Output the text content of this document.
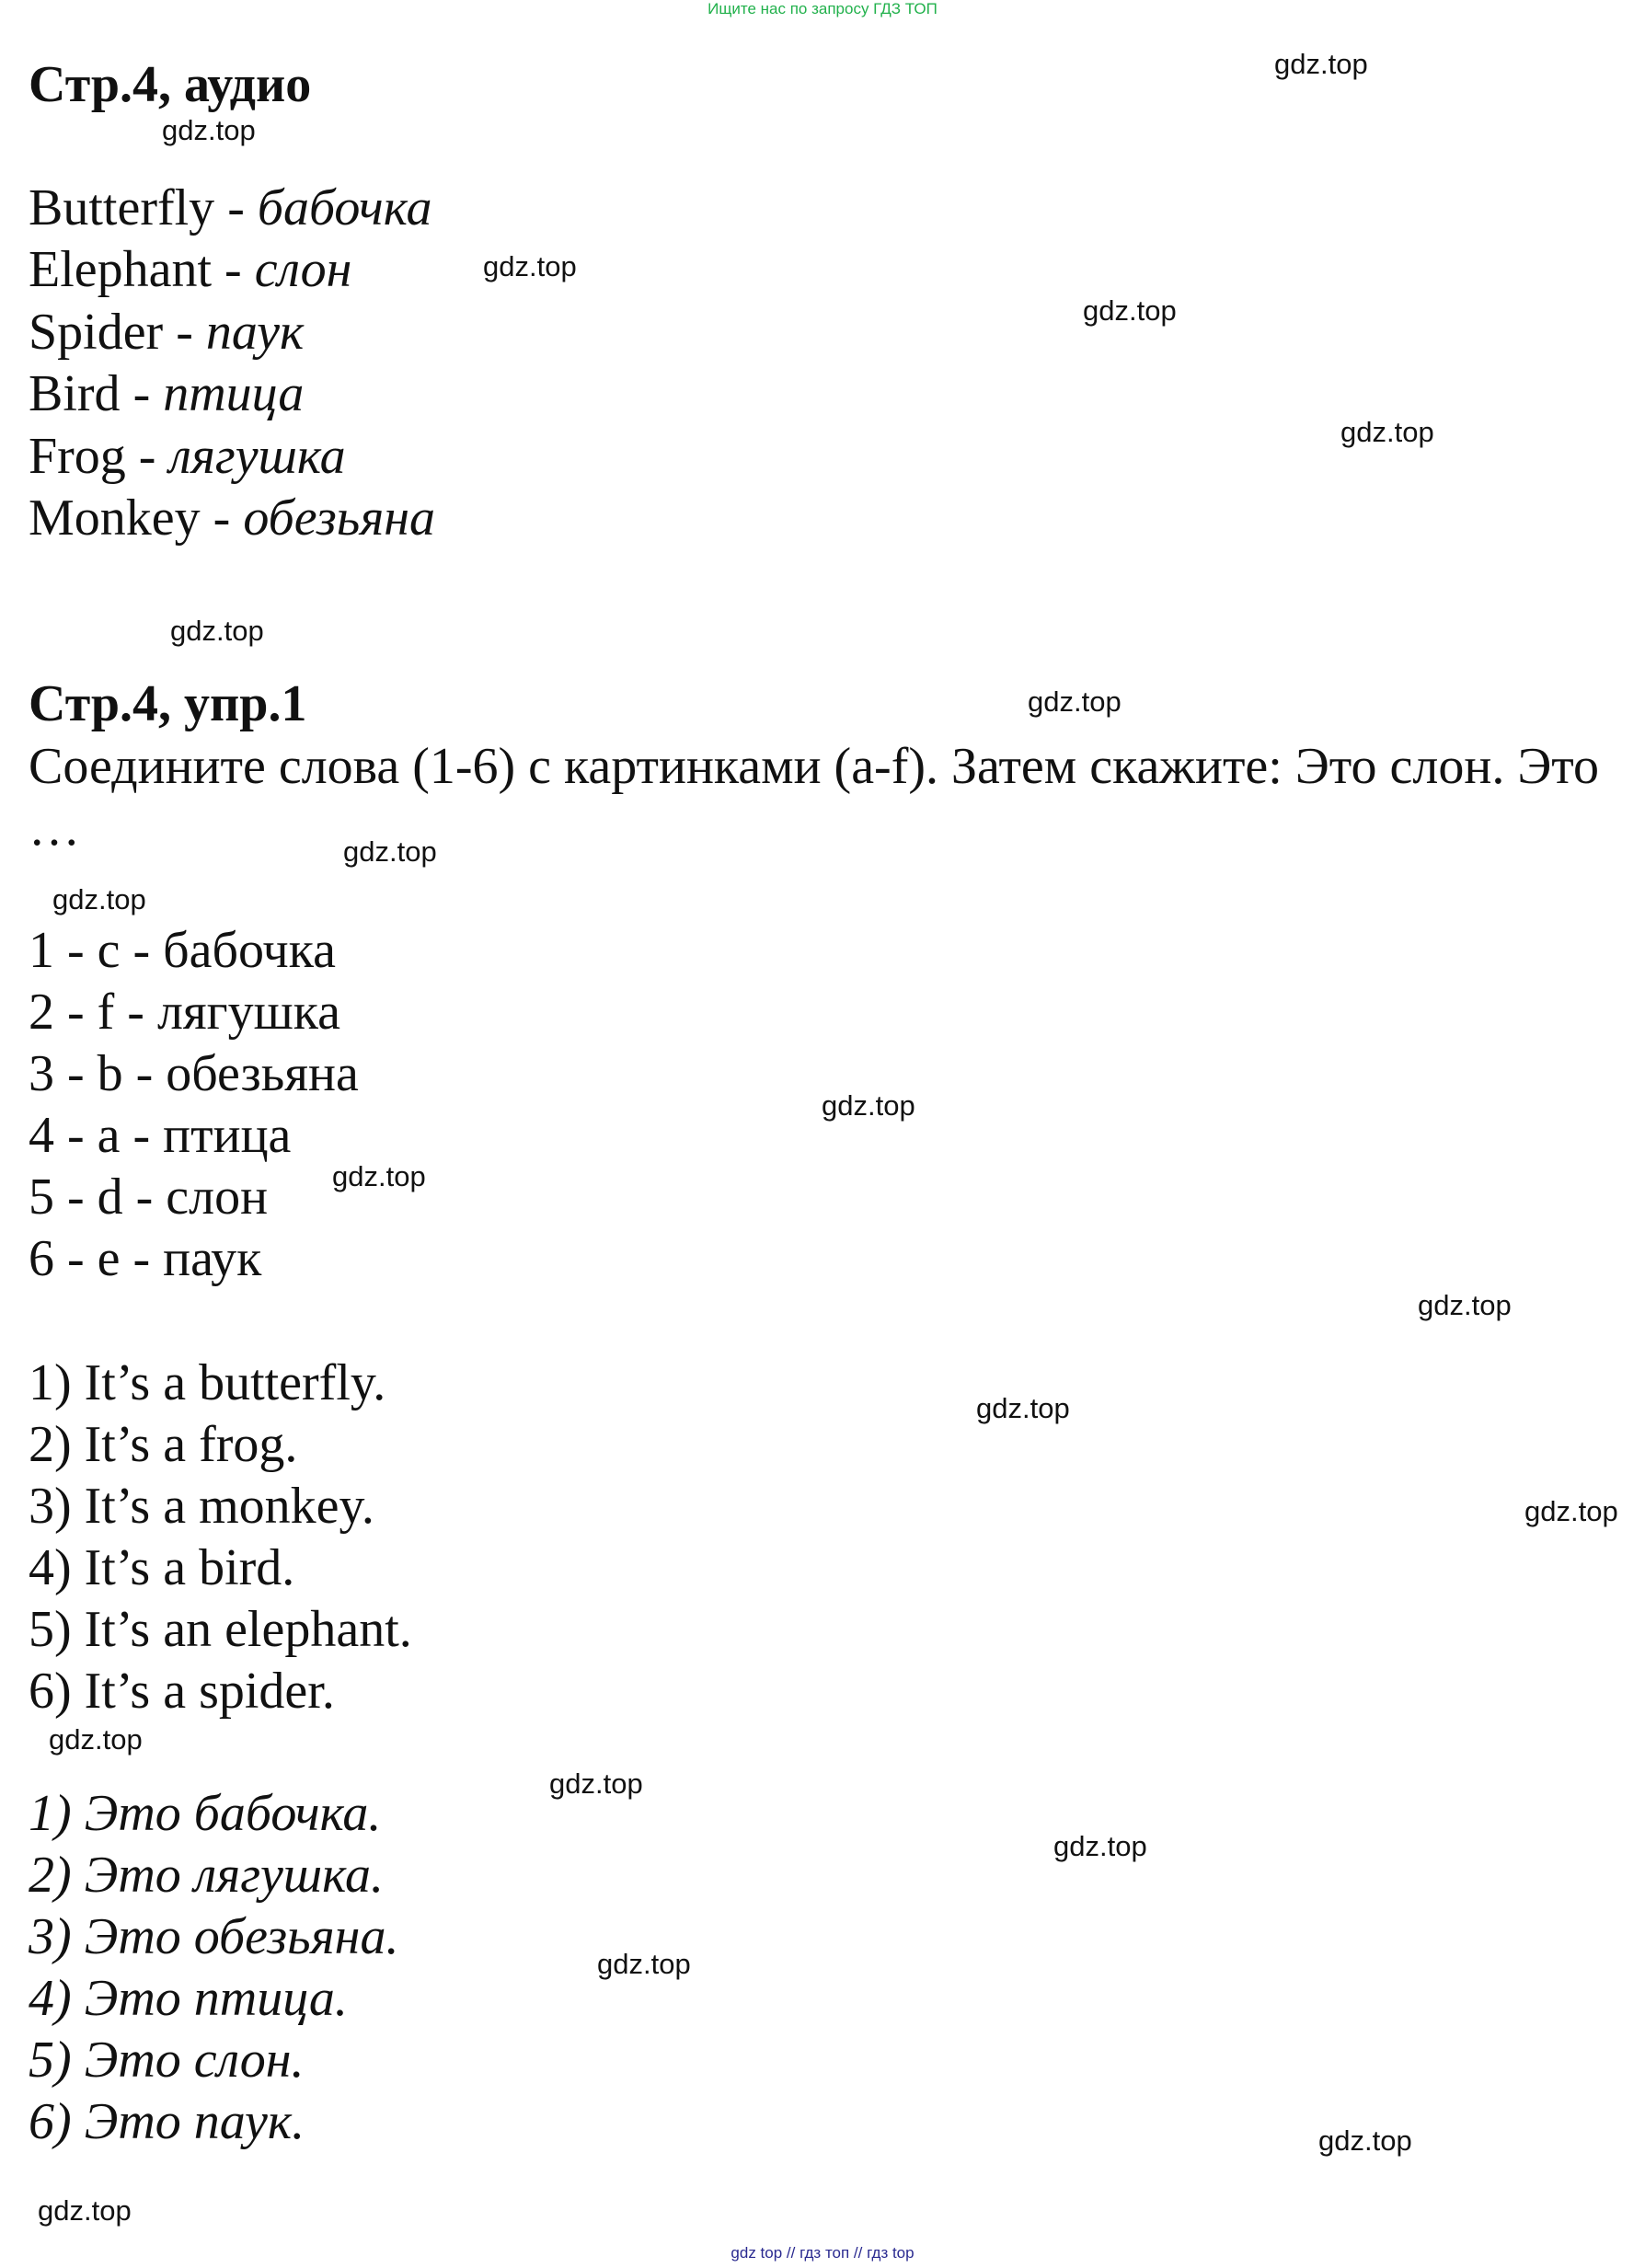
Ищите нас по запросу ГДЗ ТОП
Стр.4, аудио
Butterfly - бабочка
Elephant - слон
Spider - паук
Bird - птица
Frog - лягушка
Monkey - обезьяна
Стр.4, упр.1
Соедините слова (1-6) с картинками (a-f). Затем скажите: Это слон. Это …
1 - c - бабочка
2 - f - лягушка
3 - b - обезьяна
4 - a - птица
5 - d - слон
6 - e - паук
1) It’s a butterfly.
2) It’s a frog.
3) It’s a monkey.
4) It’s a bird.
5) It’s an elephant.
6) It’s a spider.
1) Это бабочка.
2) Это лягушка.
3) Это обезьяна.
4) Это птица.
5) Это слон.
6) Это паук.
gdz.top
gdz.top
gdz.top
gdz.top
gdz.top
gdz.top
gdz.top
gdz.top
gdz.top
gdz.top
gdz.top
gdz.top
gdz.top
gdz.top
gdz.top
gdz.top
gdz.top
gdz.top
gdz.top
gdz.top
gdz top // гдз топ // гдз top
